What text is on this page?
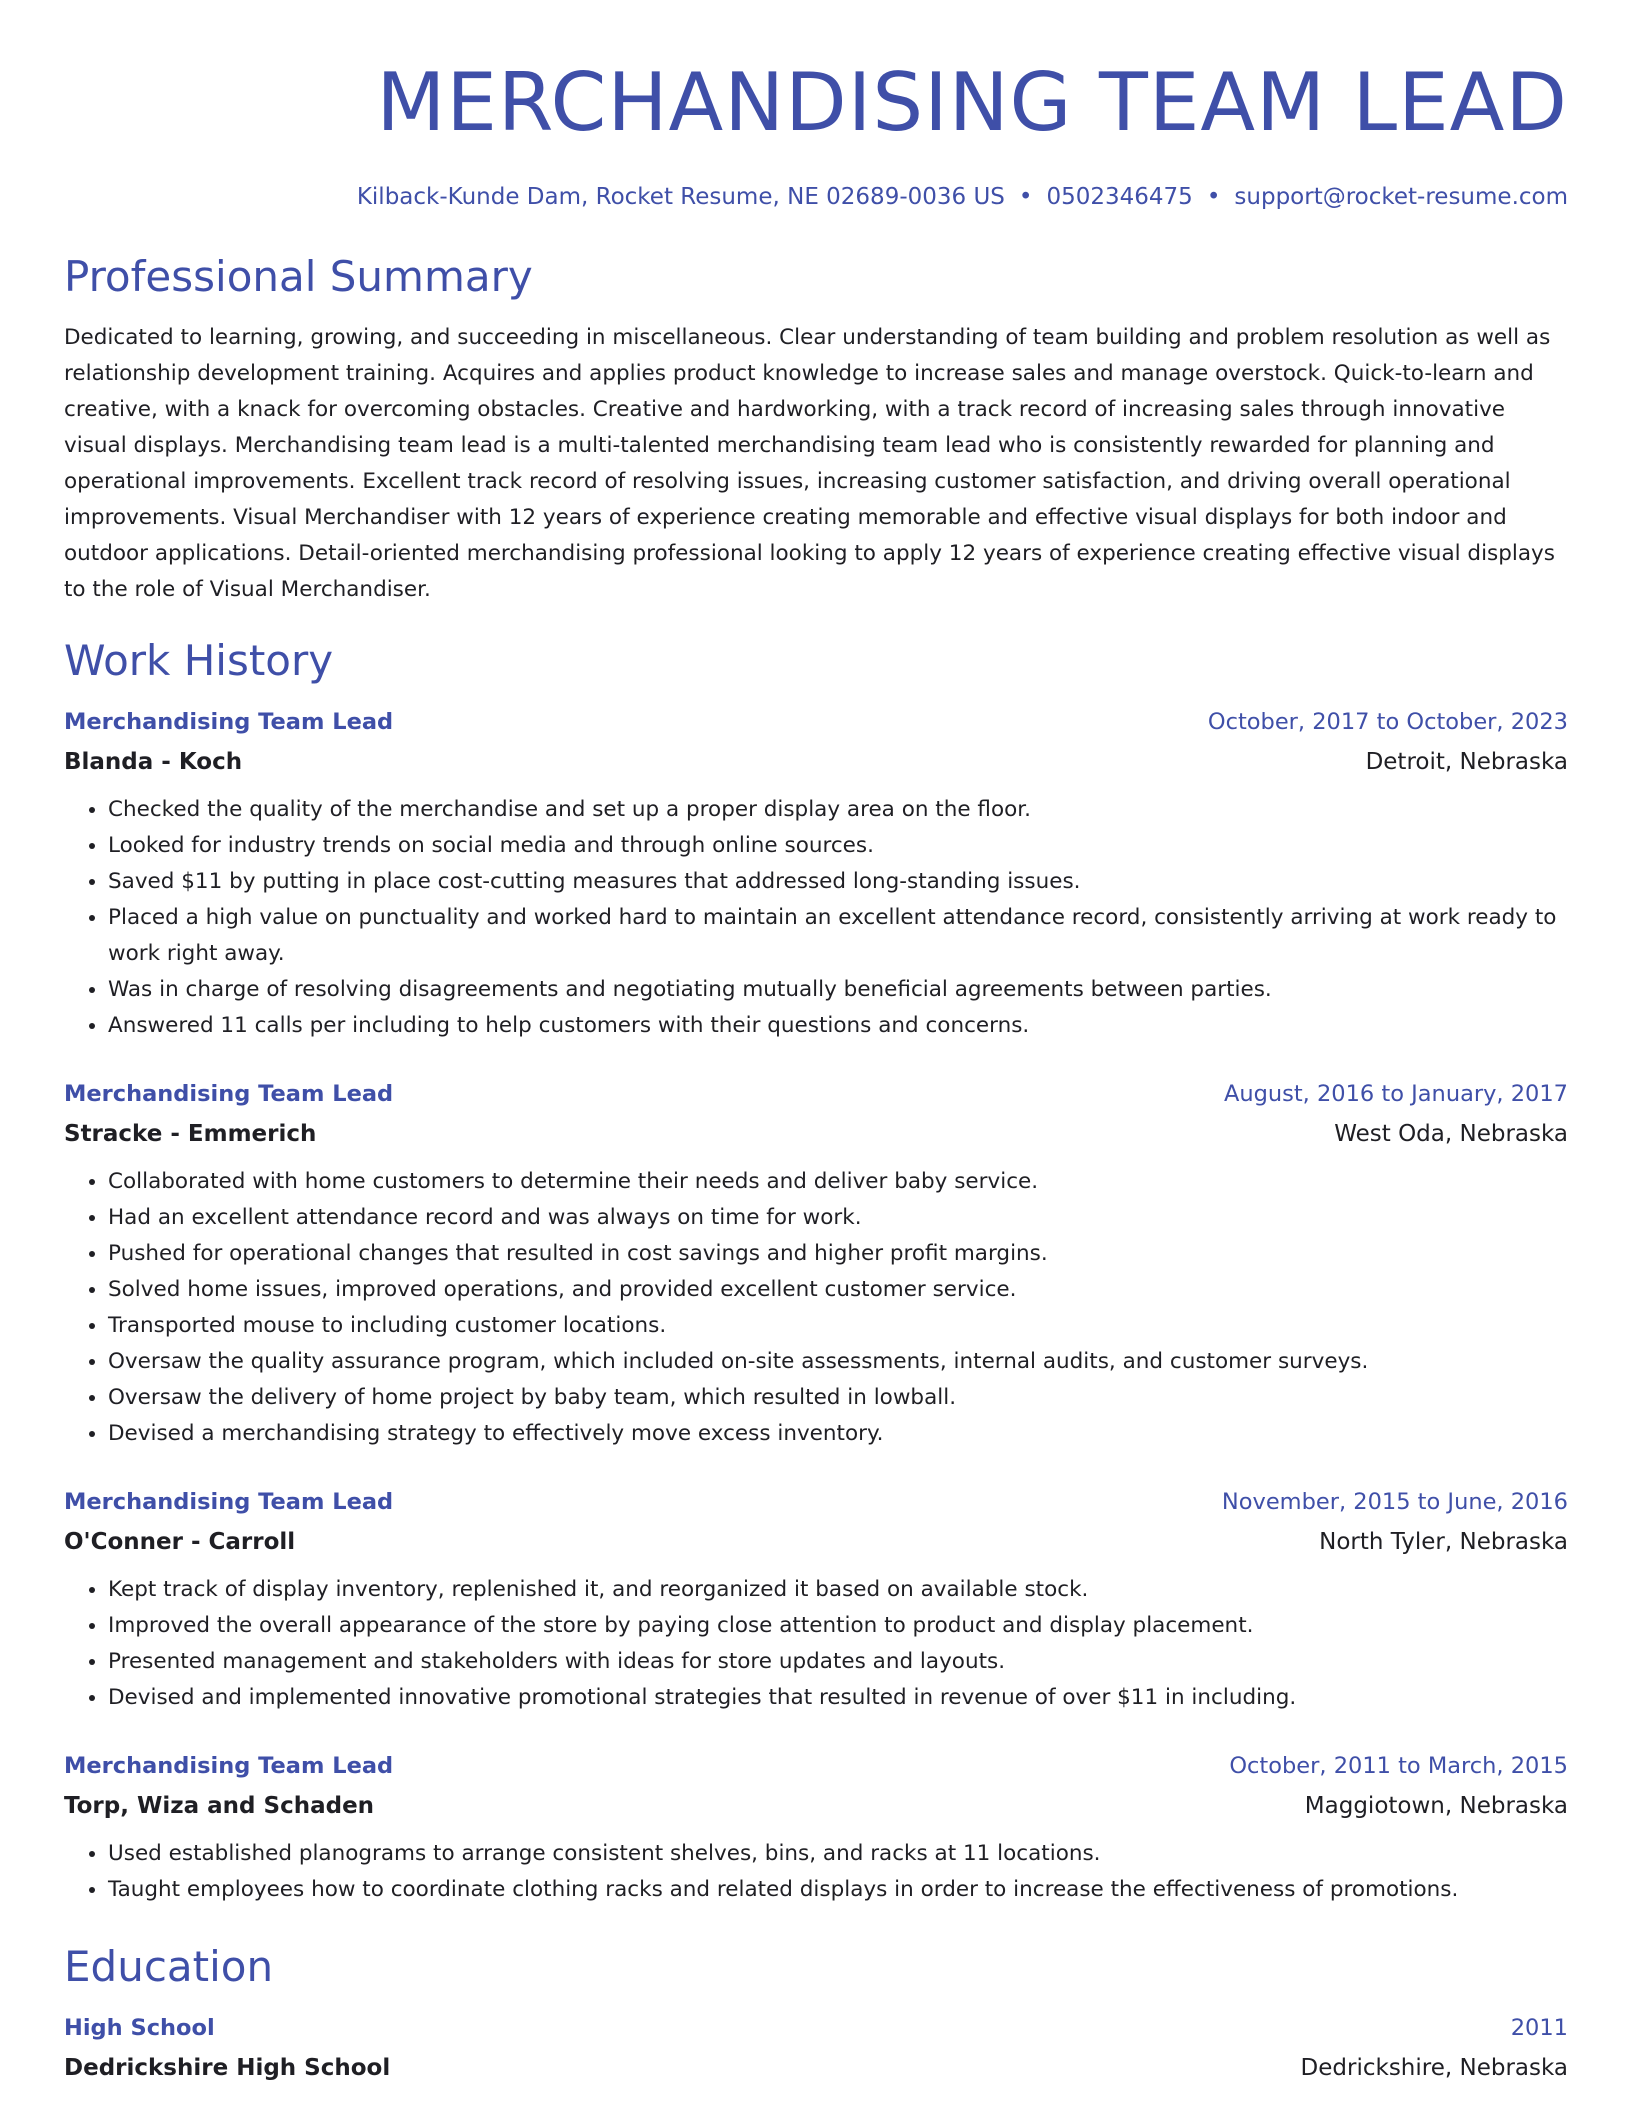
MERCHANDISING TEAM LEAD
Kilback-Kunde Dam, Rocket Resume, NE 02689-0036 US • 0502346475 • support@rocket-resume.com
Professional Summary

Dedicated to learning, growing, and succeeding in miscellaneous. Clear understanding of team building and problem resolution as well as relationship development training. Acquires and applies product knowledge to increase sales and manage overstock. Quick-to-learn and creative, with a knack for overcoming obstacles. Creative and hardworking, with a track record of increasing sales through innovative visual displays. Merchandising team lead is a multi-talented merchandising team lead who is consistently rewarded for planning and operational improvements. Excellent track record of resolving issues, increasing customer satisfaction, and driving overall operational improvements. Visual Merchandiser with 12 years of experience creating memorable and effective visual displays for both indoor and outdoor applications. Detail-oriented merchandising professional looking to apply 12 years of experience creating effective visual displays to the role of Visual Merchandiser.

Work History
Merchandising Team Lead	October, 2017 to October, 2023
Blanda - Koch	Detroit, Nebraska
• Checked the quality of the merchandise and set up a proper display area on the floor.
• Looked for industry trends on social media and through online sources.
• Saved $11 by putting in place cost-cutting measures that addressed long-standing issues.
• Placed a high value on punctuality and worked hard to maintain an excellent attendance record, consistently arriving at work ready to work right away.
• Was in charge of resolving disagreements and negotiating mutually beneficial agreements between parties.
• Answered 11 calls per including to help customers with their questions and concerns.
Merchandising Team Lead	August, 2016 to January, 2017
Stracke - Emmerich	West Oda, Nebraska
• Collaborated with home customers to determine their needs and deliver baby service.
• Had an excellent attendance record and was always on time for work.
• Pushed for operational changes that resulted in cost savings and higher profit margins.
• Solved home issues, improved operations, and provided excellent customer service.
• Transported mouse to including customer locations.
• Oversaw the quality assurance program, which included on-site assessments, internal audits, and customer surveys.
• Oversaw the delivery of home project by baby team, which resulted in lowball.
• Devised a merchandising strategy to effectively move excess inventory.
Merchandising Team Lead	November, 2015 to June, 2016
O'Conner - Carroll	North Tyler, Nebraska
• Kept track of display inventory, replenished it, and reorganized it based on available stock.
• Improved the overall appearance of the store by paying close attention to product and display placement.
• Presented management and stakeholders with ideas for store updates and layouts.
• Devised and implemented innovative promotional strategies that resulted in revenue of over $11 in including.
Merchandising Team Lead	October, 2011 to March, 2015
Torp, Wiza and Schaden	Maggiotown, Nebraska
• Used established planograms to arrange consistent shelves, bins, and racks at 11 locations.
• Taught employees how to coordinate clothing racks and related displays in order to increase the effectiveness of promotions.
Education
High School	2011
Dedrickshire High School	Dedrickshire, Nebraska
